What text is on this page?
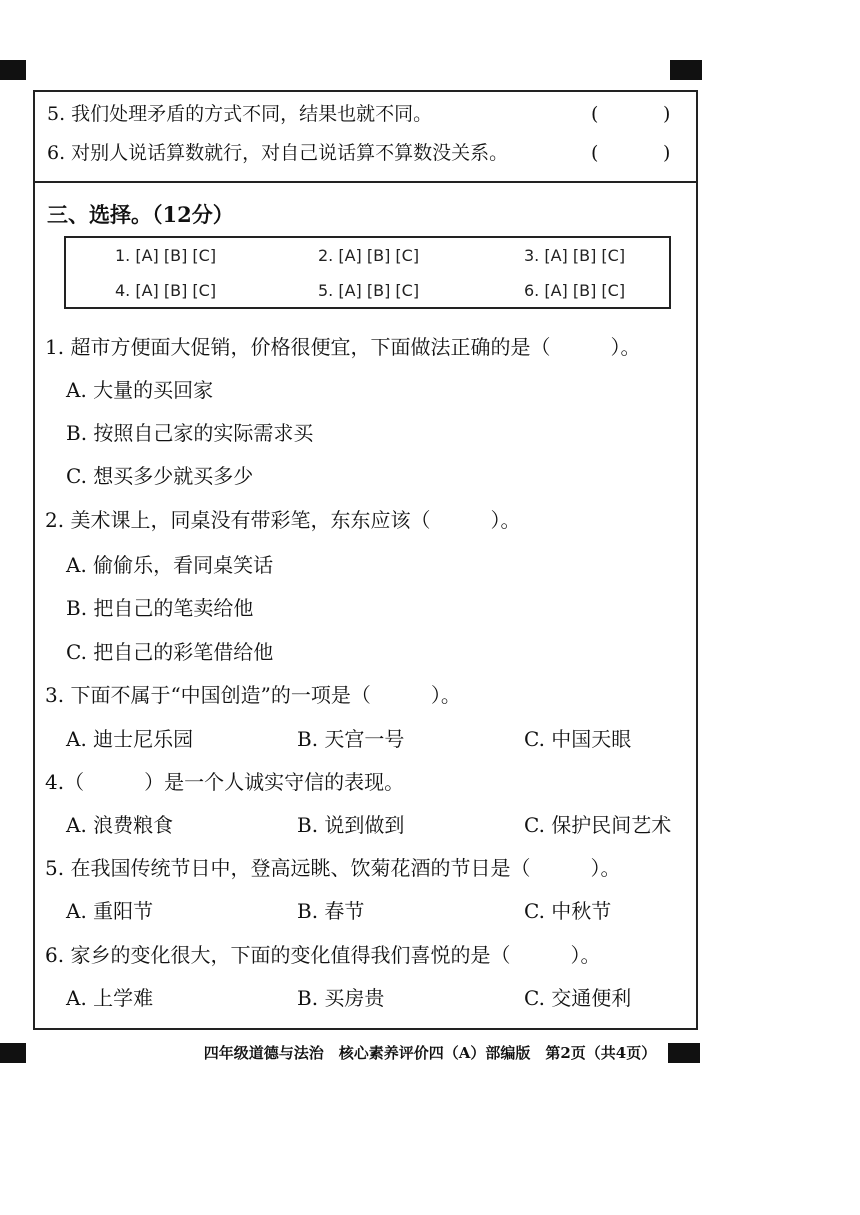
5. 我们处理矛盾的方式不同，结果也就不同。	(	)
6. 对别人说话算数就行，对自己说话算不算数没关系。	(	)
三、选择。（12分）
1. [A] [B] [C]	2. [A] [B] [C]	3. [A] [B] [C]
4. [A] [B] [C]	5. [A] [B] [C]	6. [A] [B] [C]
1. 超市方便面大促销，价格很便宜，下面做法正确的是（　　　）。
A. 大量的买回家
B. 按照自己家的实际需求买
C. 想买多少就买多少
2. 美术课上，同桌没有带彩笔，东东应该（　　　）。
A. 偷偷乐，看同桌笑话
B. 把自己的笔卖给他
C. 把自己的彩笔借给他
3. 下面不属于“中国创造”的一项是（　　　）。
A. 迪士尼乐园	B. 天宫一号	C. 中国天眼
4.（　　　）是一个人诚实守信的表现。
A. 浪费粮食	B. 说到做到	C. 保护民间艺术
5. 在我国传统节日中，登高远眺、饮菊花酒的节日是（　　　）。
A. 重阳节	B. 春节	C. 中秋节
6. 家乡的变化很大，下面的变化值得我们喜悦的是（　　　）。
A. 上学难	B. 买房贵	C. 交通便利
四年级道德与法治　核心素养评价四（A）部编版　第2页（共4页）
